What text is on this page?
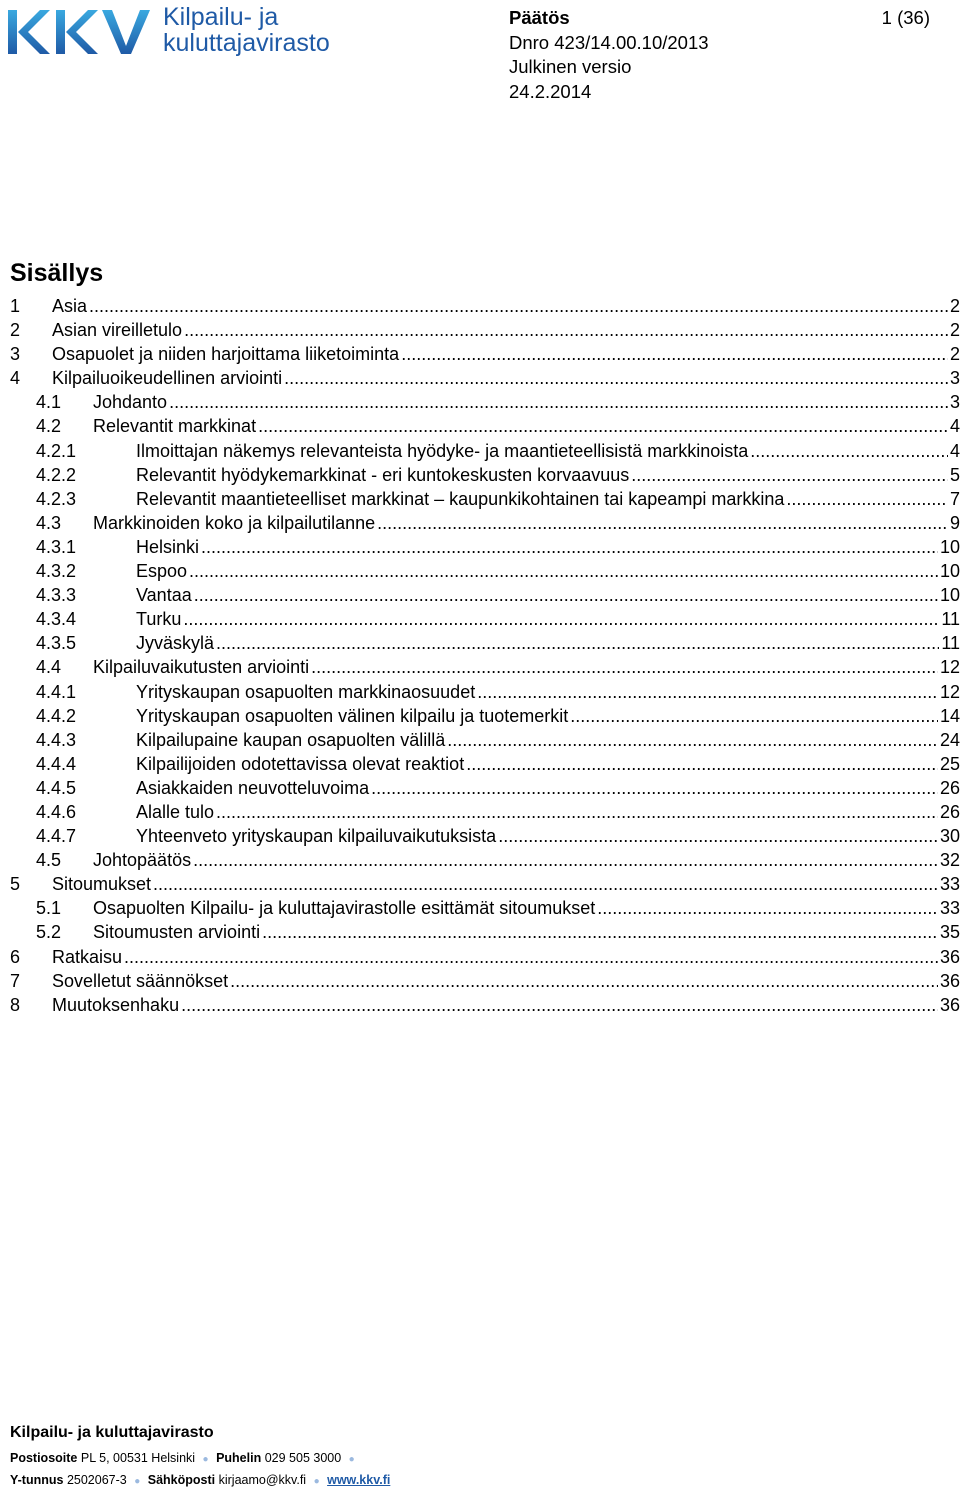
Kilpailu- ja
kuluttajavirasto
Päätös
Dnro 423/14.00.10/2013
Julkinen versio
24.2.2014
1 (36)
Sisällys
1 Asia .....	2
2 Asian vireilletulo .....	2
3 Osapuolet ja niiden harjoittama liiketoiminta .....	2
4 Kilpailuoikeudellinen arviointi .....	3
4.1 Johdanto .....	3
4.2 Relevantit markkinat .....	4
4.2.1	Ilmoittajan näkemys relevanteista hyödyke- ja maantieteellisistä markkinoista .....	4
4.2.2	Relevantit hyödykemarkkinat - eri kuntokeskusten korvaavuus .....	5
4.2.3	Relevantit maantieteelliset markkinat – kaupunkikohtainen tai kapeampi markkina .....	7
4.3 Markkinoiden koko ja kilpailutilanne .....	9
4.3.1	Helsinki .....	10
4.3.2	Espoo .....	10
4.3.3	Vantaa .....	10
4.3.4	Turku .....	11
4.3.5	Jyväskylä .....	11
4.4 Kilpailuvaikutusten arviointi .....	12
4.4.1	Yrityskaupan osapuolten markkinaosuudet .....	12
4.4.2	Yrityskaupan osapuolten välinen kilpailu ja tuotemerkit .....	14
4.4.3	Kilpailupaine kaupan osapuolten välillä .....	24
4.4.4	Kilpailijoiden odotettavissa olevat reaktiot .....	25
4.4.5	Asiakkaiden neuvotteluvoima .....	26
4.4.6	Alalle tulo .....	26
4.4.7	Yhteenveto yrityskaupan kilpailuvaikutuksista .....	30
4.5 Johtopäätös .....	32
5 Sitoumukset .....	33
5.1 Osapuolten Kilpailu- ja kuluttajavirastolle esittämät sitoumukset .....	33
5.2 Sitoumusten arviointi .....	35
6 Ratkaisu .....	36
7 Sovelletut säännökset .....	36
8 Muutoksenhaku .....	36
Kilpailu- ja kuluttajavirasto
Postiosoite PL 5, 00531 Helsinki ● Puhelin 029 505 3000 ●
Y-tunnus 2502067-3 ● Sähköposti kirjaamo@kkv.fi ● www.kkv.fi
